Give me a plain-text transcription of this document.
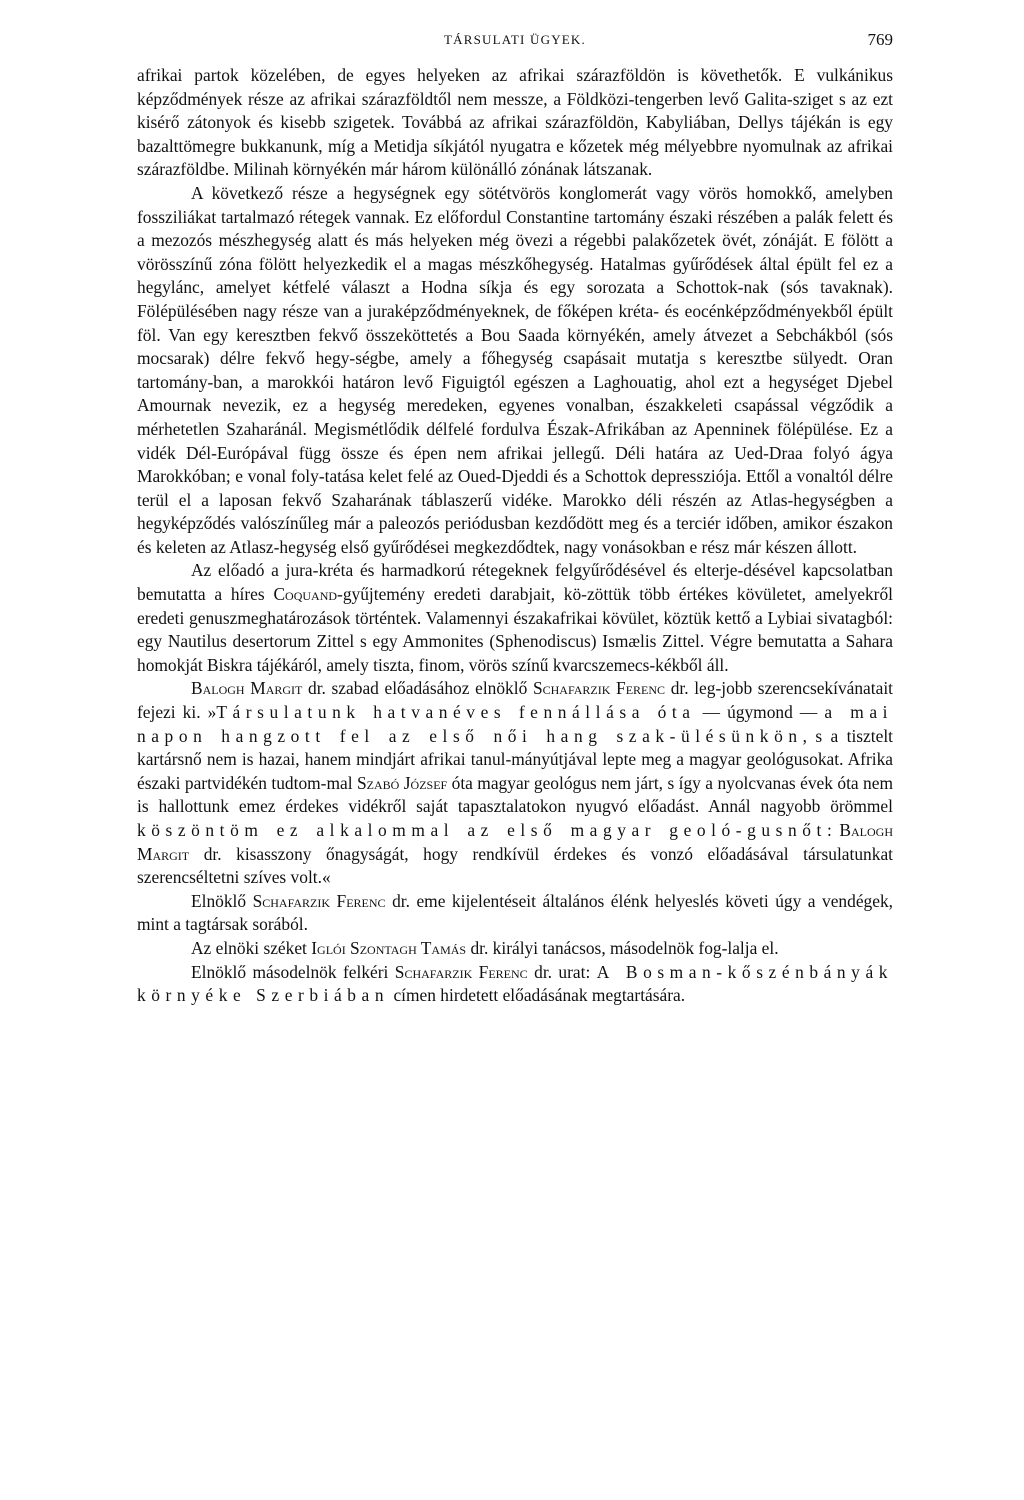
TÁRSULATI ÜGYEK.	769

afrikai partok közelében, de egyes helyeken az afrikai szárazföldön is követhetők. E vulkánikus képződmények része az afrikai szárazföldtől nem messze, a Földközi-tengerben levő Galita-sziget s az ezt kisérő zátonyok és kisebb szigetek. Továbbá az afrikai szárazföldön, Kabyliában, Dellys tájékán is egy bazalttömegre bukkanunk, míg a Metidja síkjától nyugatra e kőzetek még mélyebbre nyomulnak az afrikai szárazföldbe. Milinah környékén már három különálló zónának látszanak.

A következő része a hegységnek egy sötétvörös konglomerát vagy vörös homokkő, amelyben fossziliákat tartalmazó rétegek vannak. Ez előfordul Constantine tartomány északi részében a palák felett és a mezozós mészhegység alatt és más helyeken még övezi a régebbi palakőzetek övét, zónáját. E fölött a vörösszínű zóna fölött helyezkedik el a magas mészkőhegység. Hatalmas gyűrődések által épült fel ez a hegylánc, amelyet kétfelé választ a Hodna síkja és egy sorozata a Schottok-nak (sós tavaknak). Fölépülésében nagy része van a juraképződményeknek, de főképen kréta- és eocénképződményekből épült föl. Van egy keresztben fekvő összeköttetés a Bou Saada környékén, amely átvezet a Sebchákból (sós mocsarak) délre fekvő hegy-ségbe, amely a főhegység csapásait mutatja s keresztbe sülyedt. Oran tartomány-ban, a marokkói határon levő Figuigtól egészen a Laghouatig, ahol ezt a hegységet Djebel Amournak nevezik, ez a hegység meredeken, egyenes vonalban, északkeleti csapással végződik a mérhetetlen Szaharánál. Megismétlődik délfelé fordulva Észak-Afrikában az Apenninek fölépülése. Ez a vidék Dél-Európával függ össze és épen nem afrikai jellegű. Déli határa az Ued-Draa folyó ágya Marokkóban; e vonal foly-tatása kelet felé az Oued-Djeddi és a Schottok depressziója. Ettől a vonaltól délre terül el a laposan fekvő Szaharának táblaszerű vidéke. Marokko déli részén az Atlas-hegységben a hegyképződés valószínűleg már a paleozós periódusban kezdődött meg és a terciér időben, amikor északon és keleten az Atlasz-hegység első gyűrődései megkezdődtek, nagy vonásokban e rész már készen állott.

Az előadó a jura-kréta és harmadkorú rétegeknek felgyűrődésével és elterje-désével kapcsolatban bemutatta a híres Coquand-gyűjtemény eredeti darabjait, kö-zöttük több értékes kövületet, amelyekről eredeti genuszmeghatározások történtek. Valamennyi északafrikai kövület, köztük kettő a Lybiai sivatagból: egy Nautilus desertorum Zittel s egy Ammonites (Sphenodiscus) Ismælis Zittel. Végre bemutatta a Sahara homokját Biskra tájékáról, amely tiszta, finom, vörös színű kvarcszemecs-kékből áll.

Balogh Margit dr. szabad előadásához elnöklő Schafarzik Ferenc dr. leg-jobb szerencsekívánatait fejezi ki. »Társulatunk hatvanéves fennállása óta — úgymond — a mai napon hangzott fel az első női hang szak-ülésünkön, s a tisztelt kartársnő nem is hazai, hanem mindjárt afrikai tanul-mányútjával lepte meg a magyar geológusokat. Afrika északi partvidékén tudtom-mal Szabó József óta magyar geológus nem járt, s így a nyolcvanas évek óta nem is hallottunk emez érdekes vidékről saját tapasztalatokon nyugvó előadást. Annál nagyobb örömmel köszöntöm ez alkalommal az első magyar geoló-gusnőt: Balogh Margit dr. kisasszony őnagyságát, hogy rendkívül érdekes és vonzó előadásával társulatunkat szerencséltetni szíves volt.«

Elnöklő Schafarzik Ferenc dr. eme kijelentéseit általános élénk helyeslés követi úgy a vendégek, mint a tagtársak sorából.

Az elnöki széket Iglói Szontagh Tamás dr. királyi tanácsos, másodelnök fog-lalja el.

Elnöklő másodelnök felkéri Schafarzik Ferenc dr. urat: A Bosman-kőszénbányák környéke Szerbiában címen hirdetett előadásának megtartására.
